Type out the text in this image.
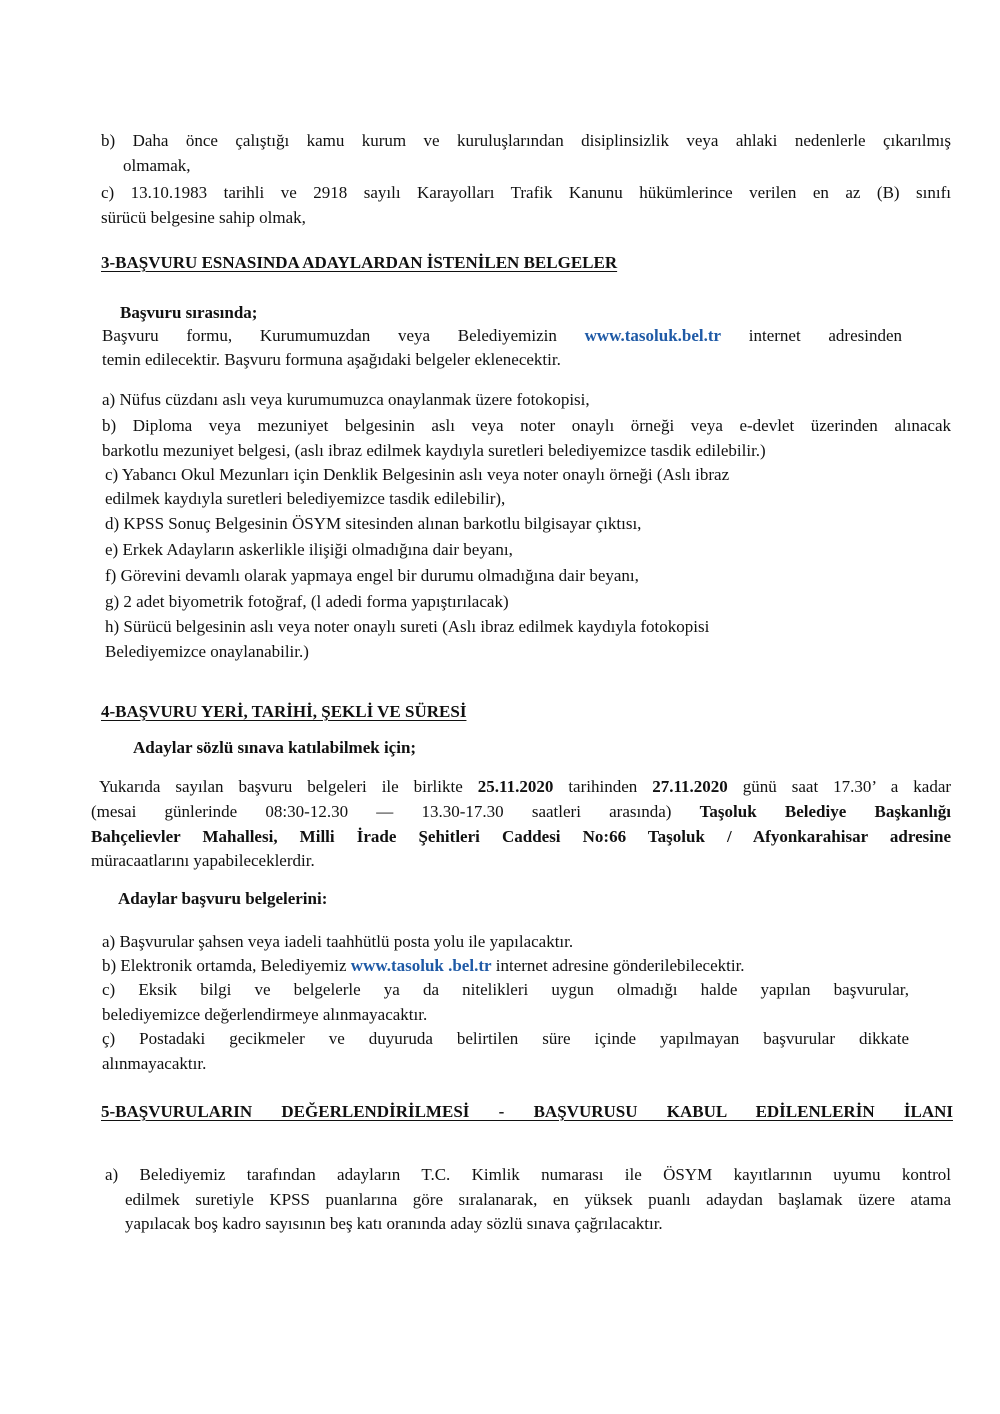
b) Daha önce çalıştığı kamu kurum ve kuruluşlarından disiplinsizlik veya ahlaki nedenlerle çıkarılmış
olmamak,
c) 13.10.1983 tarihli ve 2918 sayılı Karayolları Trafik Kanunu hükümlerince verilen en az (B) sınıfı
sürücü belgesine sahip olmak,
3-BAŞVURU ESNASINDA ADAYLARDAN İSTENİLEN BELGELER
Başvuru sırasında;
Başvuru formu, Kurumumuzdan veya Belediyemizin www.tasoluk.bel.tr internet adresinden
temin edilecektir. Başvuru formuna aşağıdaki belgeler eklenecektir.
a) Nüfus cüzdanı aslı veya kurumumuzca onaylanmak üzere fotokopisi,
b) Diploma veya mezuniyet belgesinin aslı veya noter onaylı örneği veya e-devlet üzerinden alınacak
barkotlu mezuniyet belgesi, (aslı ibraz edilmek kaydıyla suretleri belediyemizce tasdik edilebilir.)
c) Yabancı Okul Mezunları için Denklik Belgesinin aslı veya noter onaylı örneği (Aslı ibraz
edilmek kaydıyla suretleri belediyemizce tasdik edilebilir),
d) KPSS Sonuç Belgesinin ÖSYM sitesinden alınan barkotlu bilgisayar çıktısı,
e) Erkek Adayların askerlikle ilişiği olmadığına dair beyanı,
f) Görevini devamlı olarak yapmaya engel bir durumu olmadığına dair beyanı,
g) 2 adet biyometrik fotoğraf, (l adedi forma yapıştırılacak)
h) Sürücü belgesinin aslı veya noter onaylı sureti (Aslı ibraz edilmek kaydıyla fotokopisi
Belediyemizce onaylanabilir.)
4-BAŞVURU YERİ, TARİHİ, ŞEKLİ VE SÜRESİ
Adaylar sözlü sınava katılabilmek için;
Yukarıda sayılan başvuru belgeleri ile birlikte 25.11.2020 tarihinden 27.11.2020 günü saat 17.30’ a kadar
(mesai günlerinde 08:30-12.30 — 13.30-17.30 saatleri arasında) Taşoluk Belediye Başkanlığı
Bahçelievler Mahallesi, Milli İrade Şehitleri Caddesi No:66 Taşoluk / Afyonkarahisar adresine
müracaatlarını yapabileceklerdir.
Adaylar başvuru belgelerini:
a) Başvurular şahsen veya iadeli taahhütlü posta yolu ile yapılacaktır.
b) Elektronik ortamda, Belediyemiz www.tasoluk .bel.tr internet adresine gönderilebilecektir.
c) Eksik bilgi ve belgelerle ya da nitelikleri uygun olmadığı halde yapılan başvurular,
belediyemizce değerlendirmeye alınmayacaktır.
ç) Postadaki gecikmeler ve duyuruda belirtilen süre içinde yapılmayan başvurular dikkate
alınmayacaktır.
5-BAŞVURULARIN DEĞERLENDİRİLMESİ - BAŞVURUSU KABUL EDİLENLERİN İLANI
a) Belediyemiz tarafından adayların T.C. Kimlik numarası ile ÖSYM kayıtlarının uyumu kontrol
edilmek suretiyle KPSS puanlarına göre sıralanarak, en yüksek puanlı adaydan başlamak üzere atama
yapılacak boş kadro sayısının beş katı oranında aday sözlü sınava çağrılacaktır.
